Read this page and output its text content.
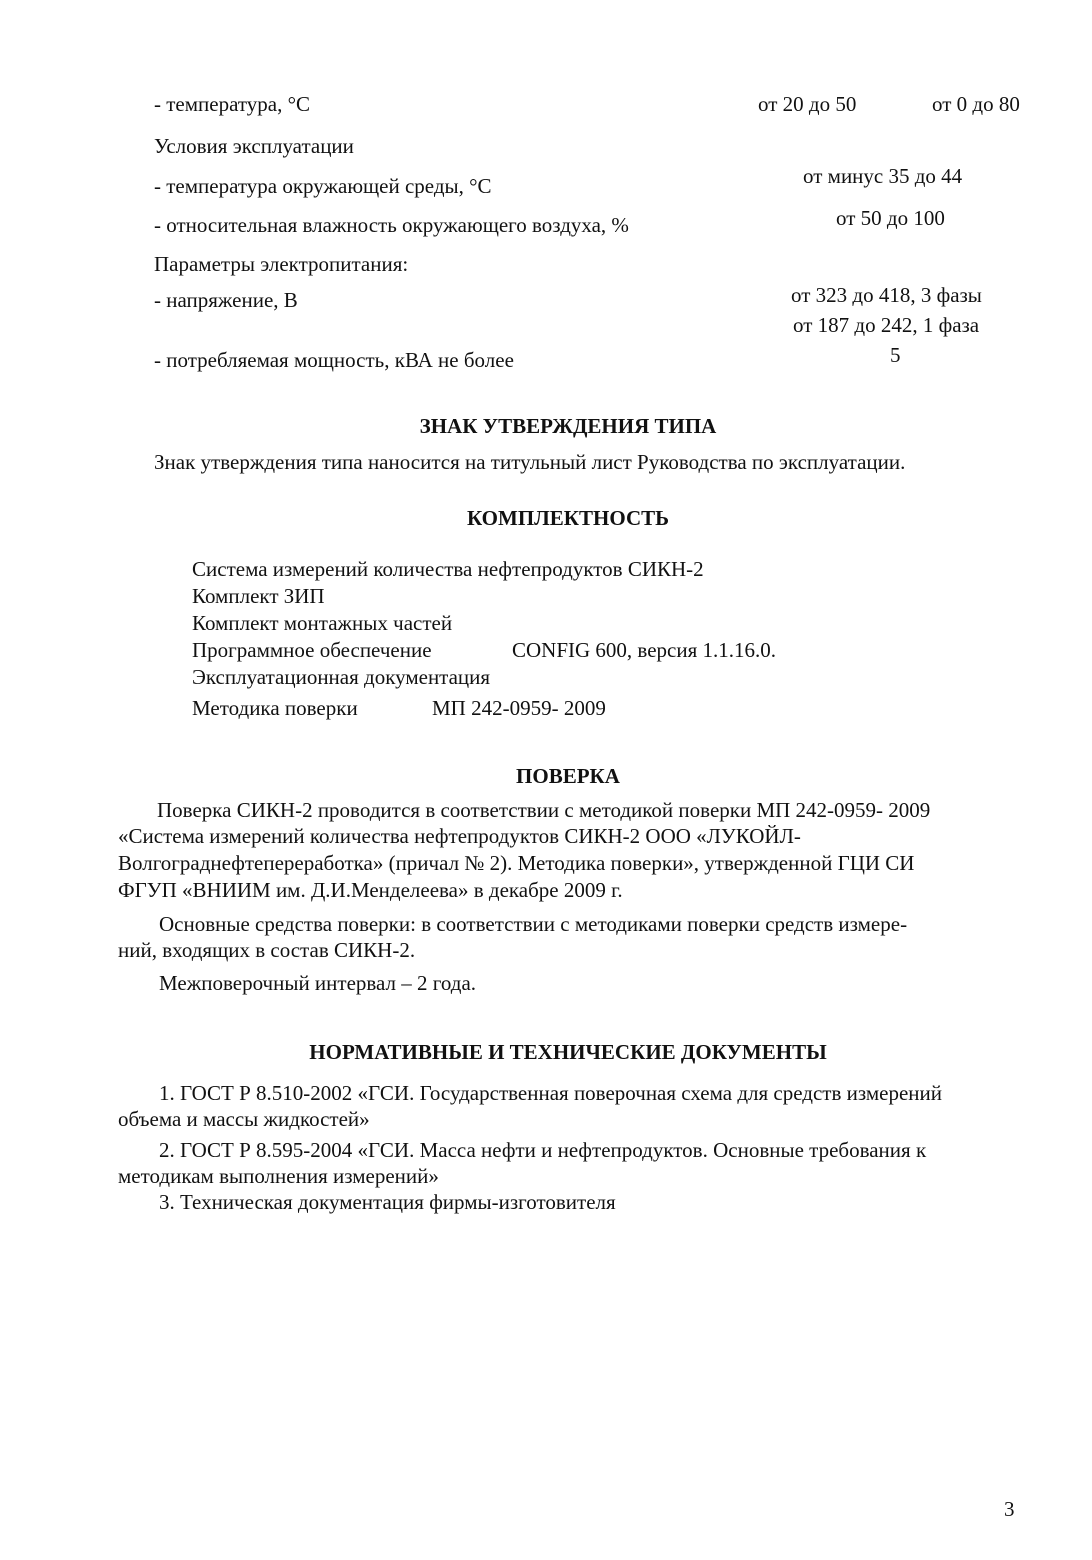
- температура, °С	от 20 до 50	от 0 до 80
Условия эксплуатации
- температура окружающей среды, °С	от минус 35 до 44
- относительная влажность окружающего воздуха, %	от 50 до 100
Параметры электропитания:
- напряжение, В	от 323 до 418, 3 фазы
от 187 до 242, 1 фаза
- потребляемая мощность, кВА не более	5
ЗНАК УТВЕРЖДЕНИЯ ТИПА
Знак утверждения типа наносится на титульный лист Руководства по эксплуатации.
КОМПЛЕКТНОСТЬ
Система измерений количества нефтепродуктов СИКН-2
Комплект ЗИП
Комплект монтажных частей
Программное обеспечение	CONFIG 600, версия 1.1.16.0.
Эксплуатационная документация
Методика поверки	МП 242-0959- 2009
ПОВЕРКА
Поверка СИКН-2 проводится в соответствии с методикой поверки МП 242-0959- 2009
«Система измерений количества нефтепродуктов СИКН-2 ООО «ЛУКОЙЛ-
Волгограднефтепереработка» (причал № 2). Методика поверки», утвержденной ГЦИ СИ
ФГУП «ВНИИМ им. Д.И.Менделеева» в декабре 2009 г.
Основные средства поверки: в соответствии с методиками поверки средств измере-
ний, входящих в состав СИКН-2.
Межповерочный интервал – 2 года.
НОРМАТИВНЫЕ И ТЕХНИЧЕСКИЕ ДОКУМЕНТЫ
1. ГОСТ Р 8.510-2002 «ГСИ. Государственная поверочная схема для средств измерений
объема и массы жидкостей»
2. ГОСТ Р 8.595-2004 «ГСИ. Масса нефти и нефтепродуктов. Основные требования к
методикам выполнения измерений»
3. Техническая документация фирмы-изготовителя
3
